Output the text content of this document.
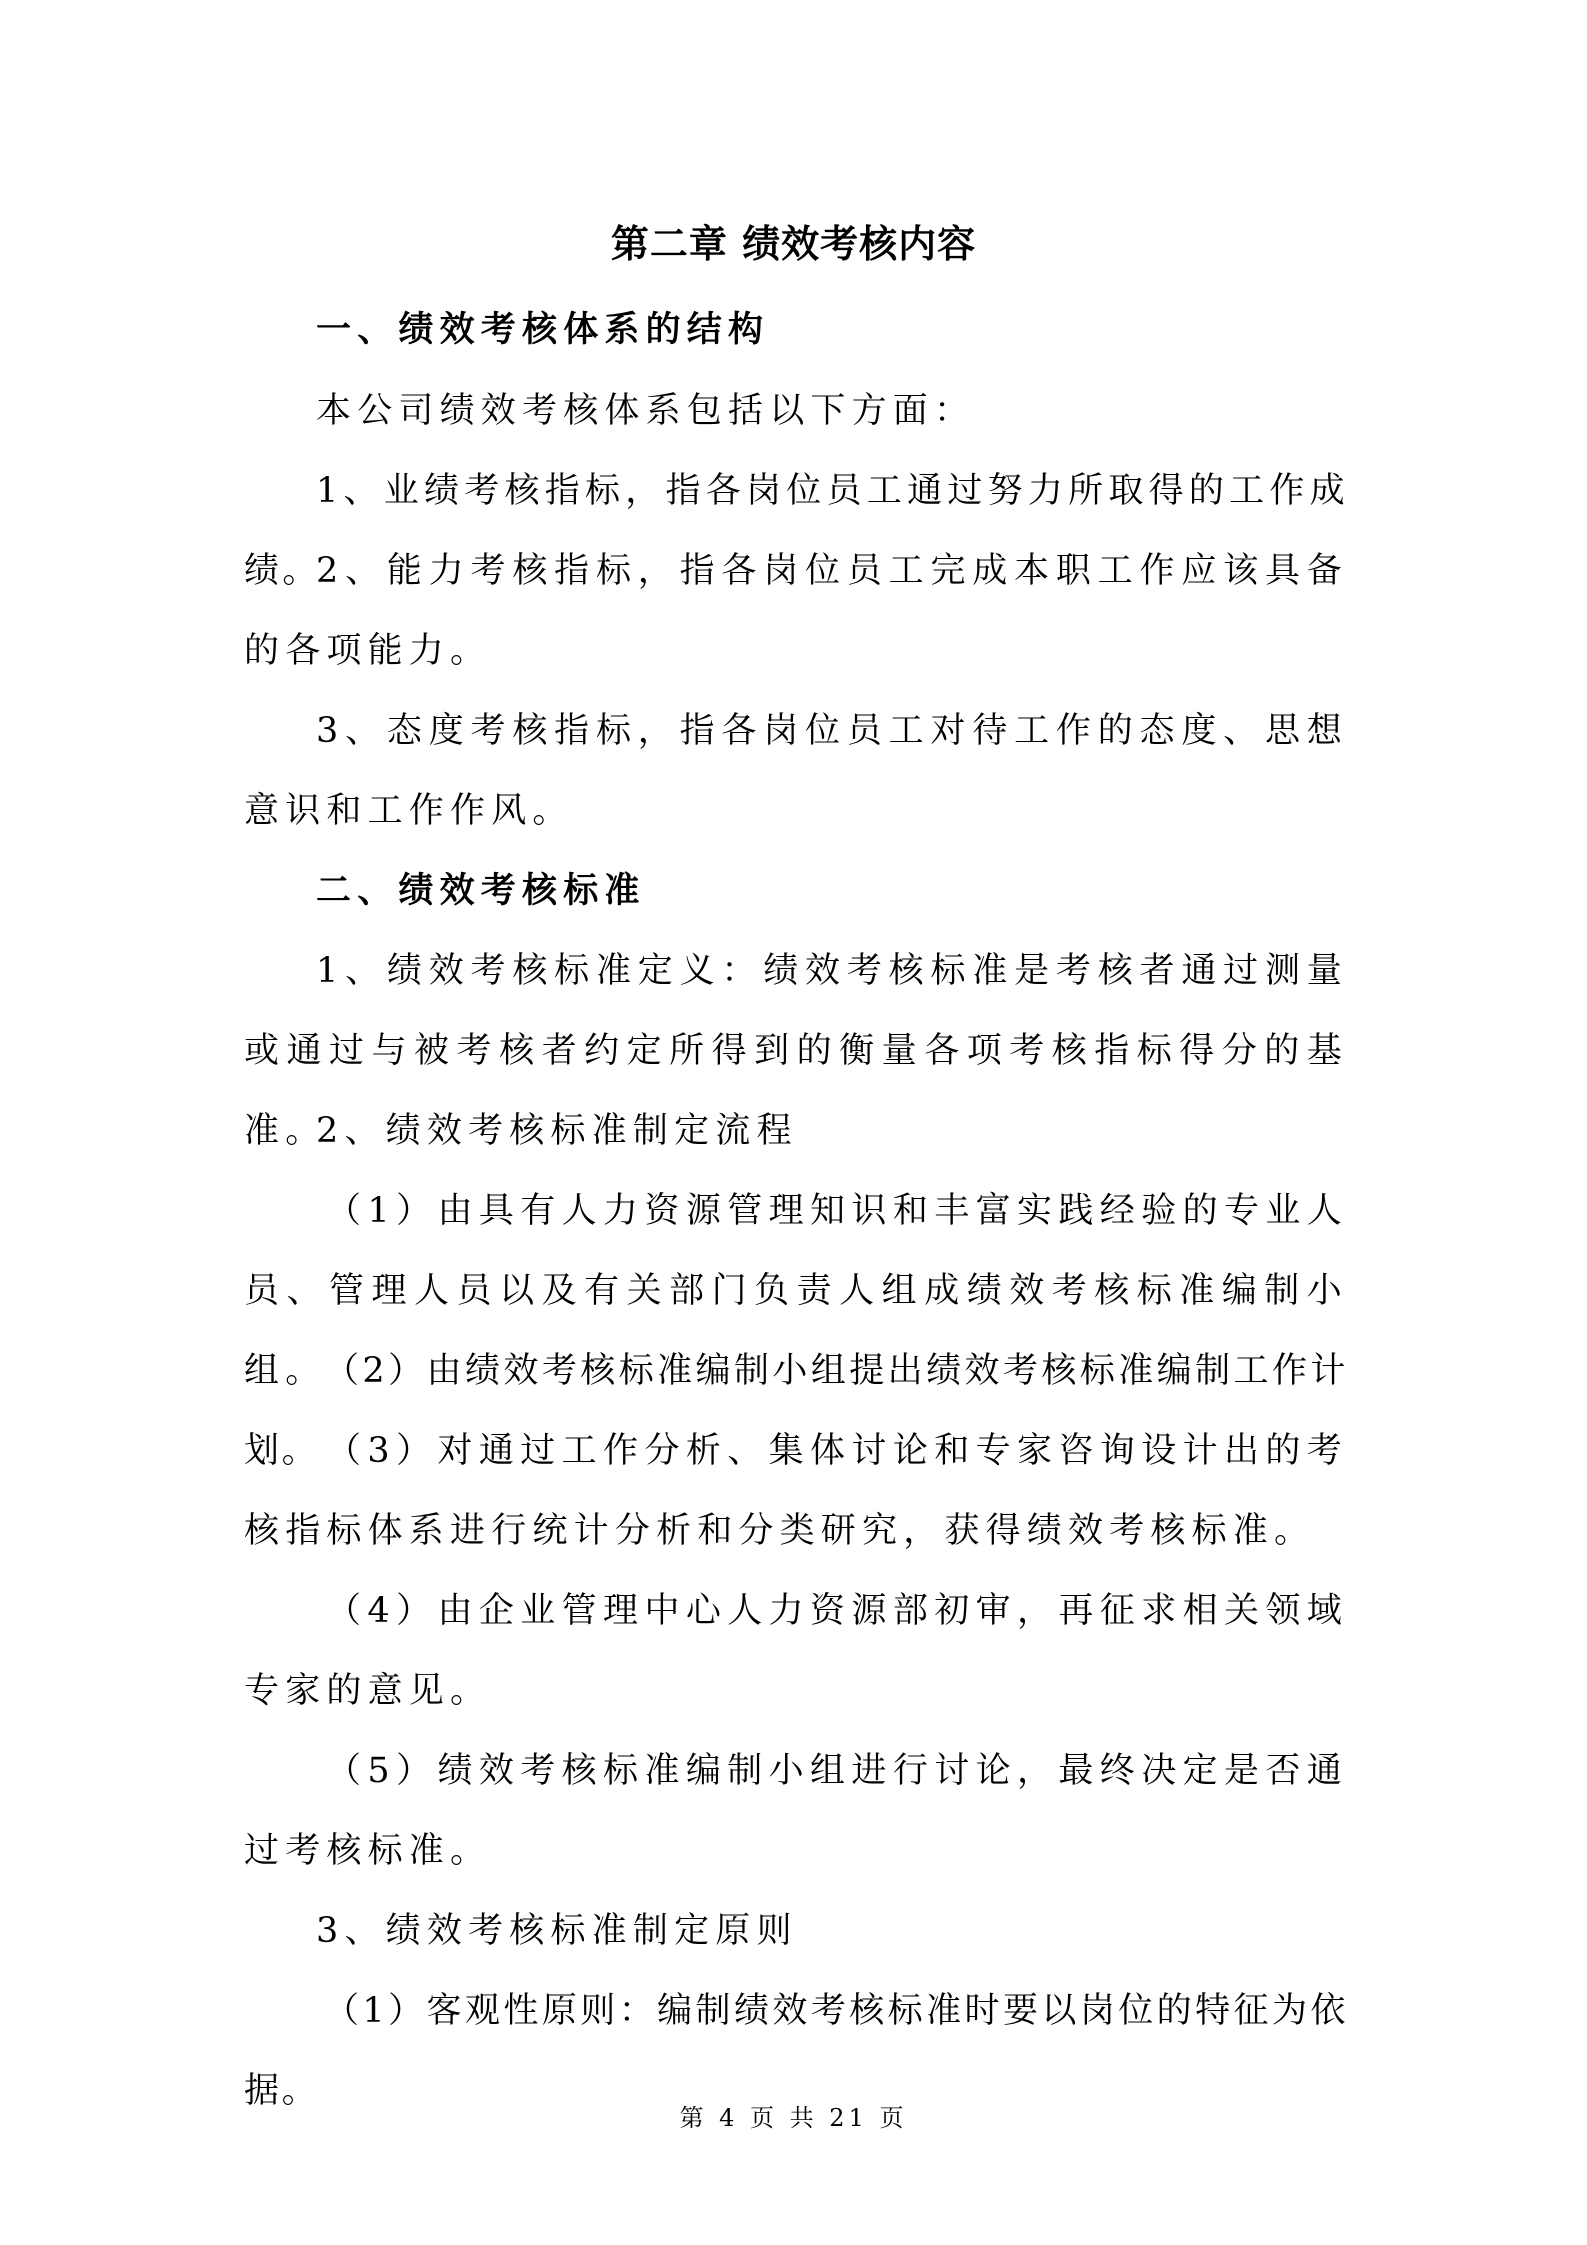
第二章 绩效考核内容
一、绩效考核体系的结构
本公司绩效考核体系包括以下方面：
1、业绩考核指标，指各岗位员工通过努力所取得的工作成绩。
2、能力考核指标，指各岗位员工完成本职工作应该具备的各项能力。
3、态度考核指标，指各岗位员工对待工作的态度、思想意识和工作作风。
二、绩效考核标准
1、绩效考核标准定义：绩效考核标准是考核者通过测量或通过与被考核者约定所得到的衡量各项考核指标得分的基准。
2、绩效考核标准制定流程
（1）由具有人力资源管理知识和丰富实践经验的专业人员、管理人员以及有关部门负责人组成绩效考核标准编制小组。
（2）由绩效考核标准编制小组提出绩效考核标准编制工作计划。 （3）对通过工作分析、集体讨论和专家咨询设计出的考核指标体系进行统计分析和分类研究，获得绩效考核标准。
（4）由企业管理中心人力资源部初审，再征求相关领域专家的意见。
（5）绩效考核标准编制小组进行讨论，最终决定是否通过考核标准。
3、绩效考核标准制定原则
（1）客观性原则：编制绩效考核标准时要以岗位的特征为依据。
第 4 页 共 21 页
